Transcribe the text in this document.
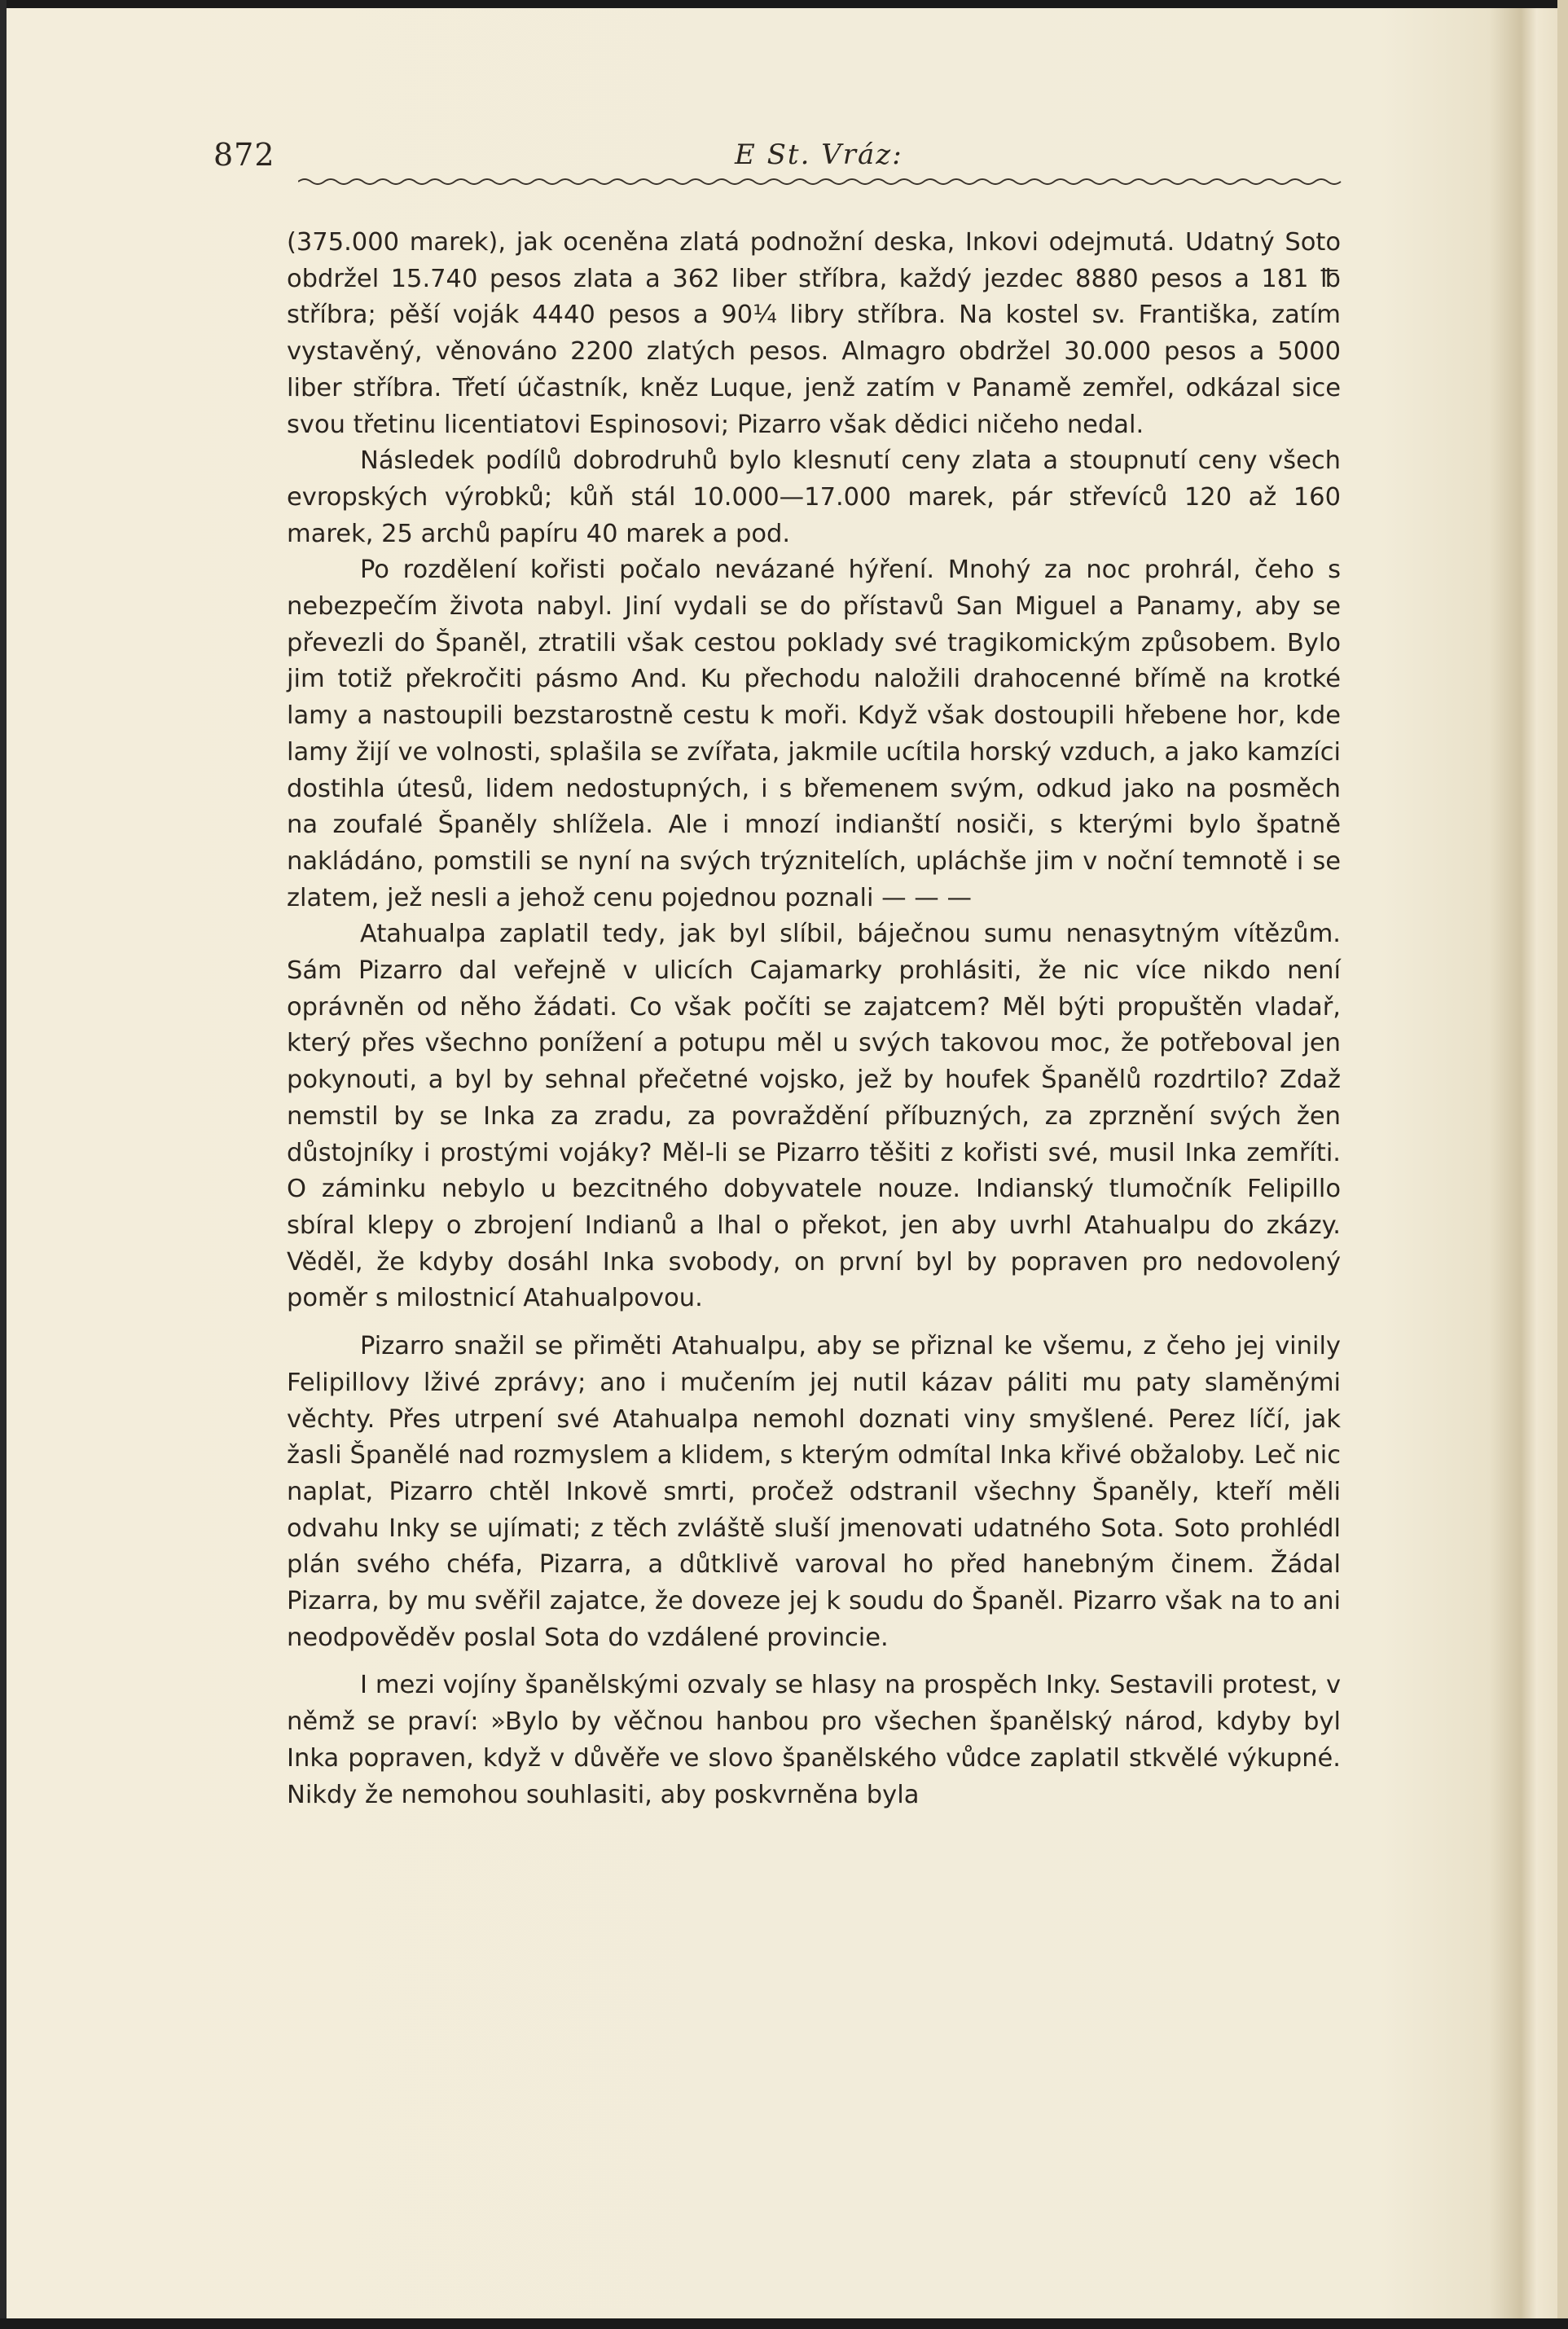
872	E St. Vráz:

(375.000 marek), jak oceněna zlatá podnožní deska, Inkovi odejmutá. Udatný Soto obdržel 15.740 pesos zlata a 362 liber stříbra, každý jezdec 8880 pesos a 181 ℔ stříbra; pěší voják 4440 pesos a 90¼ libry stříbra. Na kostel sv. Františka, zatím vystavěný, věnováno 2200 zlatých pesos. Almagro obdržel 30.000 pesos a 5000 liber stříbra. Třetí účastník, kněz Luque, jenž zatím v Panamě zemřel, odkázal sice svou třetinu licentiatovi Espinosovi; Pizarro však dědici ničeho nedal.

Následek podílů dobrodruhů bylo klesnutí ceny zlata a stoupnutí ceny všech evropských výrobků; kůň stál 10.000—17.000 marek, pár střevíců 120 až 160 marek, 25 archů papíru 40 marek a pod.

Po rozdělení kořisti počalo nevázané hýření. Mnohý za noc prohrál, čeho s nebezpečím života nabyl. Jiní vydali se do přístavů San Miguel a Panamy, aby se převezli do Španěl, ztratili však cestou poklady své tragikomickým způsobem. Bylo jim totiž překročiti pásmo And. Ku přechodu naložili drahocenné břímě na krotké lamy a nastoupili bezstarostně cestu k moři. Když však dostoupili hřebene hor, kde lamy žijí ve volnosti, splašila se zvířata, jakmile ucítila horský vzduch, a jako kamzíci dostihla útesů, lidem nedostupných, i s břemenem svým, odkud jako na posměch na zoufalé Španěly shlížela. Ale i mnozí indianští nosiči, s kterými bylo špatně nakládáno, pomstili se nyní na svých trýznitelích, upláchše jim v noční temnotě i se zlatem, jež nesli a jehož cenu pojednou poznali — — —

Atahualpa zaplatil tedy, jak byl slíbil, báječnou sumu nenasytným vítězům. Sám Pizarro dal veřejně v ulicích Cajamarky prohlásiti, že nic více nikdo není oprávněn od něho žádati. Co však počíti se zajatcem? Měl býti propuštěn vladař, který přes všechno ponížení a potupu měl u svých takovou moc, že potřeboval jen pokynouti, a byl by sehnal přečetné vojsko, jež by houfek Španělů rozdrtilo? Zdaž nemstil by se Inka za zradu, za povraždění příbuzných, za zprznění svých žen důstojníky i prostými vojáky? Měl-li se Pizarro těšiti z kořisti své, musil Inka zemříti. O záminku nebylo u bezcitného dobyvatele nouze. Indianský tlumočník Felipillo sbíral klepy o zbrojení Indianů a lhal o překot, jen aby uvrhl Atahualpu do zkázy. Věděl, že kdyby dosáhl Inka svobody, on první byl by popraven pro nedovolený poměr s milostnicí Atahualpovou.

Pizarro snažil se přiměti Atahualpu, aby se přiznal ke všemu, z čeho jej vinily Felipillovy lživé zprávy; ano i mučením jej nutil kázav páliti mu paty slaměnými věchty. Přes utrpení své Atahualpa nemohl doznati viny smyšlené. Perez líčí, jak žasli Španělé nad rozmyslem a klidem, s kterým odmítal Inka křivé obžaloby. Leč nic naplat, Pizarro chtěl Inkově smrti, pročež odstranil všechny Španěly, kteří měli odvahu Inky se ujímati; z těch zvláště sluší jmenovati udatného Sota. Soto prohlédl plán svého chéfa, Pizarra, a důtklivě varoval ho před hanebným činem. Žádal Pizarra, by mu svěřil zajatce, že doveze jej k soudu do Španěl. Pizarro však na to ani neodpověděv poslal Sota do vzdálené provincie.

I mezi vojíny španělskými ozvaly se hlasy na prospěch Inky. Sestavili protest, v němž se praví: »Bylo by věčnou hanbou pro všechen španělský národ, kdyby byl Inka popraven, když v důvěře ve slovo španělského vůdce zaplatil stkvělé výkupné. Nikdy že nemohou souhlasiti, aby poskvrněna byla
